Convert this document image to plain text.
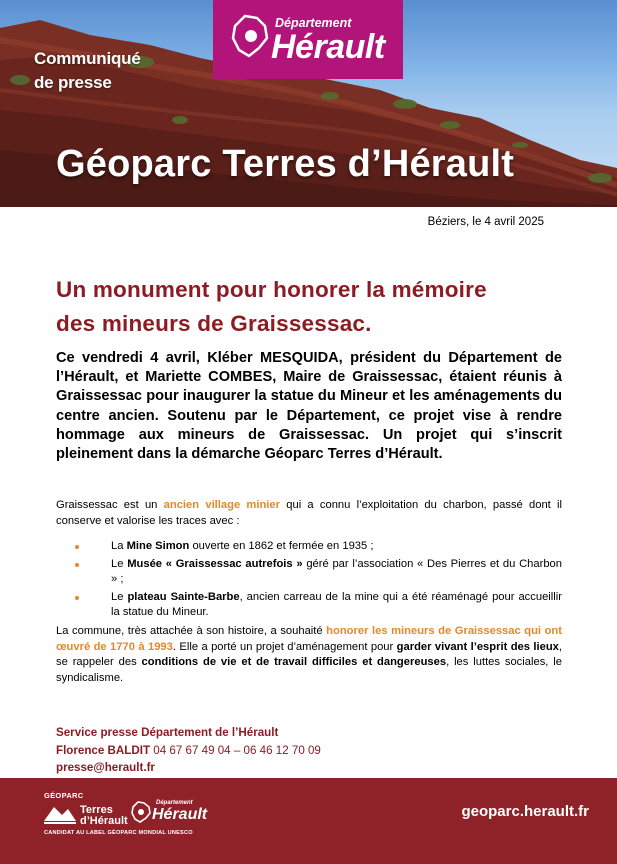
Communiqué
de presse
Département
Hérault
Géoparc Terres d’Hérault
Béziers, le 4 avril 2025
Un monument pour honorer la mémoire
des mineurs de Graissessac.
Ce vendredi 4 avril, Kléber MESQUIDA, président du Département de l’Hérault, et Mariette COMBES, Maire de Graissessac, étaient réunis à Graissessac pour inaugurer la statue du Mineur et les aménagements du centre ancien. Soutenu par le Département, ce projet vise à rendre hommage aux mineurs de Graissessac. Un projet qui s’inscrit pleinement dans la démarche Géoparc Terres d’Hérault.
Graissessac est un ancien village minier qui a connu l’exploitation du charbon, passé dont il conserve et valorise les traces avec :
La Mine Simon ouverte en 1862 et fermée en 1935 ;
Le Musée « Graissessac autrefois » géré par l’association « Des Pierres et du Charbon » ;
Le plateau Sainte-Barbe, ancien carreau de la mine qui a été réaménagé pour accueillir la statue du Mineur.
La commune, très attachée à son histoire, a souhaité honorer les mineurs de Graissessac qui ont œuvré de 1770 à 1993. Elle a porté un projet d’aménagement pour garder vivant l’esprit des lieux, se rappeler des conditions de vie et de travail difficiles et dangereuses, les luttes sociales, le syndicalisme.
Service presse Département de l’Hérault
Florence BALDIT 04 67 67 49 04 – 06 46 12 70 09
presse@herault.fr
GÉOPARC
Terres
d’Hérault
Département
Hérault
CANDIDAT AU LABEL GÉOPARC MONDIAL UNESCO
geoparc.herault.fr
